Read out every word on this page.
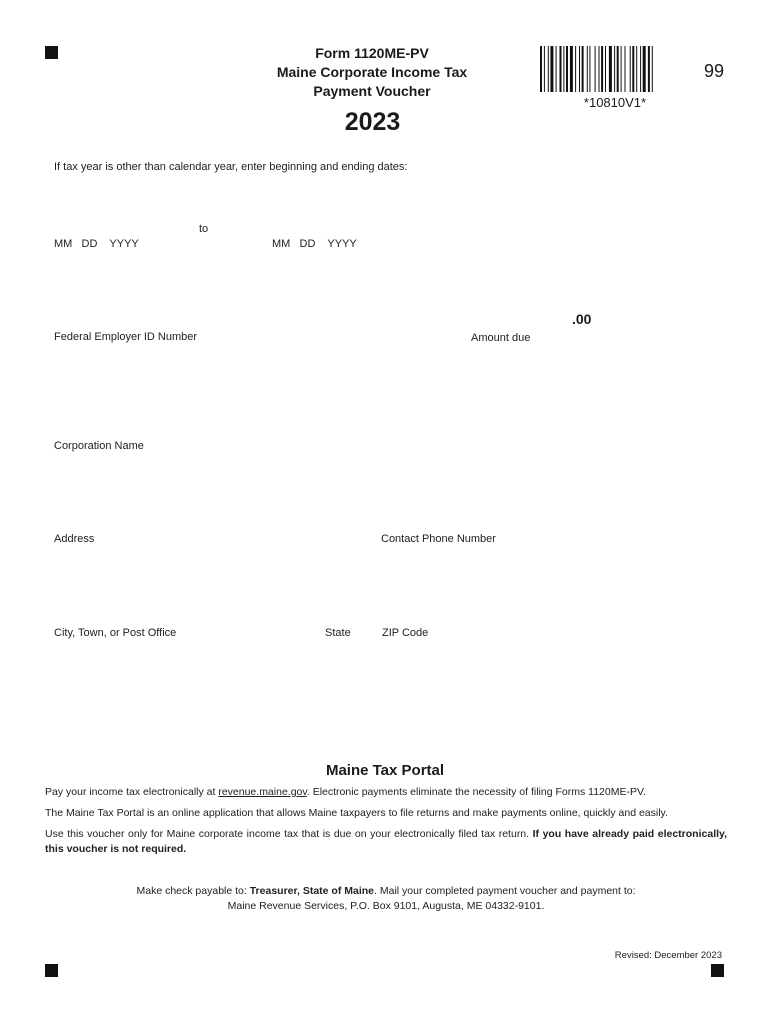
Form 1120ME-PV
Maine Corporate Income Tax
Payment Voucher
2023
*10810V1*
99
If tax year is other than calendar year, enter beginning and ending dates:
to
MM   DD    YYYY	MM   DD    YYYY
Federal Employer ID Number
.00
Amount due
Corporation Name
Address	Contact Phone Number
City, Town, or Post Office	State	ZIP Code
Maine Tax Portal
Pay your income tax electronically at revenue.maine.gov. Electronic payments eliminate the necessity of filing Forms 1120ME-PV.
The Maine Tax Portal is an online application that allows Maine taxpayers to file returns and make payments online, quickly and easily.
Use this voucher only for Maine corporate income tax that is due on your electronically filed tax return. If you have already paid electronically, this voucher is not required.
Make check payable to: Treasurer, State of Maine. Mail your completed payment voucher and payment to:
Maine Revenue Services, P.O. Box 9101, Augusta, ME 04332-9101.
Revised: December 2023
